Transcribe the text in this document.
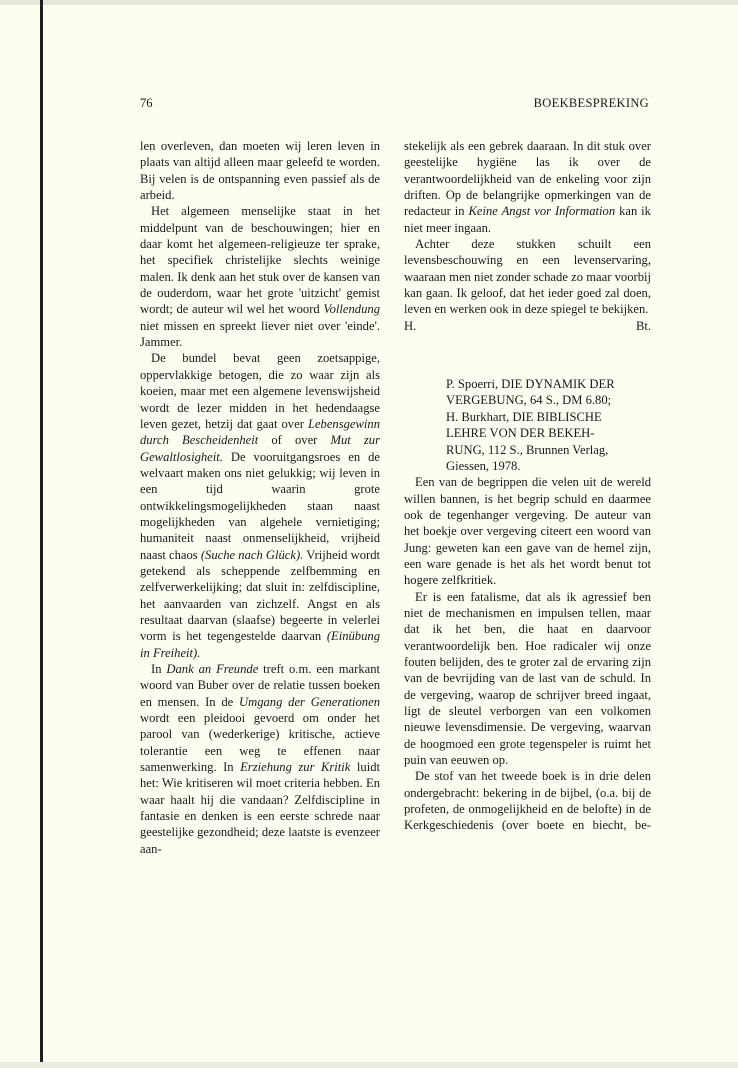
76	BOEKBESPREKING

len overleven, dan moeten wij leren leven in plaats van altijd alleen maar geleefd te worden. Bij velen is de ontspanning even passief als de arbeid.

Het algemeen menselijke staat in het middelpunt van de beschouwingen; hier en daar komt het algemeen-religieuze ter sprake, het specifiek christelijke slechts weinige malen. Ik denk aan het stuk over de kansen van de ouderdom, waar het grote 'uitzicht' gemist wordt; de auteur wil wel het woord Vollendung niet missen en spreekt liever niet over 'einde'. Jammer.

De bundel bevat geen zoetsappige, oppervlakkige betogen, die zo waar zijn als koeien, maar met een algemene levenswijsheid wordt de lezer midden in het hedendaagse leven gezet, hetzij dat gaat over Lebensgewinn durch Bescheidenheit of over Mut zur Gewaltlosigheit. De vooruitgangsroes en de welvaart maken ons niet gelukkig; wij leven in een tijd waarin grote ontwikkelingsmogelijkheden staan naast mogelijkheden van algehele vernietiging; humaniteit naast onmenselijkheid, vrijheid naast chaos (Suche nach Glück). Vrijheid wordt getekend als scheppende zelfbemming en zelfverwerkelijking; dat sluit in: zelfdiscipline, het aanvaarden van zichzelf. Angst en als resultaat daarvan (slaafse) begeerte in velerlei vorm is het tegengestelde daarvan (Einübung in Freiheit).

In Dank an Freunde treft o.m. een markant woord van Buber over de relatie tussen boeken en mensen. In de Umgang der Generationen wordt een pleidooi gevoerd om onder het parool van (wederkerige) kritische, actieve tolerantie een weg te effenen naar samenwerking. In Erziehung zur Kritik luidt het: Wie kritiseren wil moet criteria hebben. En waar haalt hij die vandaan? Zelfdiscipline in fantasie en denken is een eerste schrede naar geestelijke gezondheid; deze laatste is evenzeer aan-

stekelijk als een gebrek daaraan. In dit stuk over geestelijke hygiëne las ik over de verantwoordelijkheid van de enkeling voor zijn driften. Op de belangrijke opmerkingen van de redacteur in Keine Angst vor Information kan ik niet meer ingaan.

Achter deze stukken schuilt een levensbeschouwing en een levenservaring, waaraan men niet zonder schade zo maar voorbij kan gaan. Ik geloof, dat het ieder goed zal doen, leven en werken ook in deze spiegel te bekijken.

H.	Bt.
P. Spoerri, DIE DYNAMIK DER
VERGEBUNG, 64 S., DM 6.80;
H. Burkhart, DIE BIBLISCHE
LEHRE VON DER BEKEH-
RUNG, 112 S., Brunnen Verlag,
Giessen, 1978.

Een van de begrippen die velen uit de wereld willen bannen, is het begrip schuld en daarmee ook de tegenhanger vergeving. De auteur van het boekje over vergeving citeert een woord van Jung: geweten kan een gave van de hemel zijn, een ware genade is het als het wordt benut tot hogere zelfkritiek.

Er is een fatalisme, dat als ik agressief ben niet de mechanismen en impulsen tellen, maar dat ik het ben, die haat en daarvoor verantwoordelijk ben. Hoe radicaler wij onze fouten belijden, des te groter zal de ervaring zijn van de bevrijding van de last van de schuld. In de vergeving, waarop de schrijver breed ingaat, ligt de sleutel verborgen van een volkomen nieuwe levensdimensie. De vergeving, waarvan de hoogmoed een grote tegenspeler is ruimt het puin van eeuwen op.

De stof van het tweede boek is in drie delen ondergebracht: bekering in de bijbel, (o.a. bij de profeten, de onmogelijkheid en de belofte) in de Kerkgeschiedenis (over boete en biecht, be-
